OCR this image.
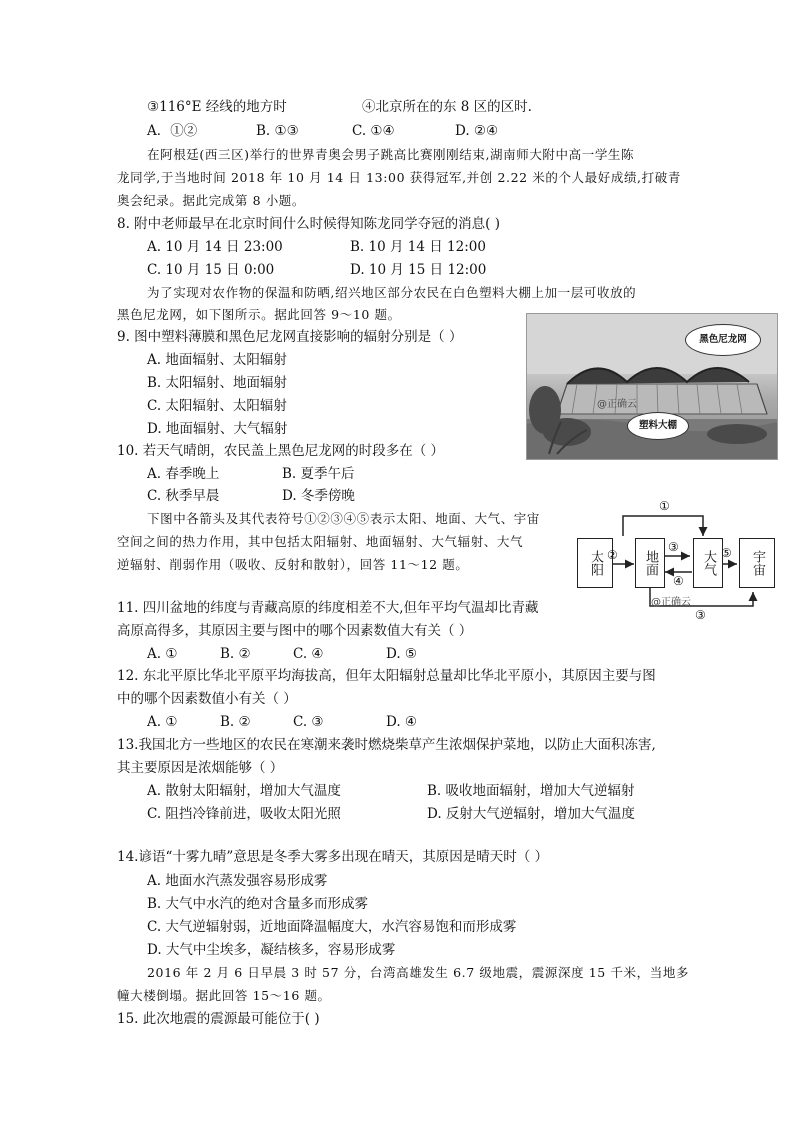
③116°E 经线的地方时	④北京所在的东 8 区的区时.
A．①②	B. ①③	C. ①④	D. ②④
在阿根廷(西三区)举行的世界青奥会男子跳高比赛刚刚结束,湖南师大附中高一学生陈
龙同学,于当地时间 2018 年 10 月 14 日 13:00 获得冠军,并创 2.22 米的个人最好成绩,打破青
奥会纪录。据此完成第 8 小题。
8. 附中老师最早在北京时间什么时候得知陈龙同学夺冠的消息( )
A. 10 月 14 日 23:00	B. 10 月 14 日 12:00
C. 10 月 15 日 0:00	D. 10 月 15 日 12:00
为了实现对农作物的保温和防晒,绍兴地区部分农民在白色塑料大棚上加一层可收放的
黑色尼龙网，如下图所示。据此回答 9～10 题。
黑色尼龙网
塑料大棚
@正确云
9. 图中塑料薄膜和黑色尼龙网直接影响的辐射分别是（ ）
A. 地面辐射、太阳辐射
B. 太阳辐射、地面辐射
C. 太阳辐射、太阳辐射
D. 地面辐射、大气辐射
10. 若天气晴朗，农民盖上黑色尼龙网的时段多在（ ）
A. 春季晚上	B. 夏季午后
C. 秋季早晨	D. 冬季傍晚
下图中各箭头及其代表符号①②③④⑤表示太阳、地面、大气、宇宙
空间之间的热力作用，其中包括太阳辐射、地面辐射、大气辐射、大气
逆辐射、削弱作用（吸收、反射和散射），回答 11～12 题。	太阳	地面	大气	宇宙
①
②
③
④
⑤
③
@正确云
11. 四川盆地的纬度与青藏高原的纬度相差不大,但年平均气温却比青藏
高原高得多，其原因主要与图中的哪个因素数值大有关（ ）
A. ①	B. ②	C. ④	D. ⑤
12. 东北平原比华北平原平均海拔高，但年太阳辐射总量却比华北平原小，其原因主要与图
中的哪个因素数值小有关（ ）
A. ①	B. ②	C. ③	D. ④
13.我国北方一些地区的农民在寒潮来袭时燃烧柴草产生浓烟保护菜地，以防止大面积冻害,
其主要原因是浓烟能够（ ）
A. 散射太阳辐射，增加大气温度	B. 吸收地面辐射，增加大气逆辐射
C. 阻挡冷锋前进，吸收太阳光照	D. 反射大气逆辐射，增加大气温度
14.谚语“十雾九晴”意思是冬季大雾多出现在晴天，其原因是晴天时（ ）
A. 地面水汽蒸发强容易形成雾
B. 大气中水汽的绝对含量多而形成雾
C. 大气逆辐射弱，近地面降温幅度大，水汽容易饱和而形成雾
D. 大气中尘埃多，凝结核多，容易形成雾
2016 年 2 月 6 日早晨 3 时 57 分，台湾高雄发生 6.7 级地震，震源深度 15 千米，当地多
幢大楼倒塌。据此回答 15～16 题。
15. 此次地震的震源最可能位于( )
